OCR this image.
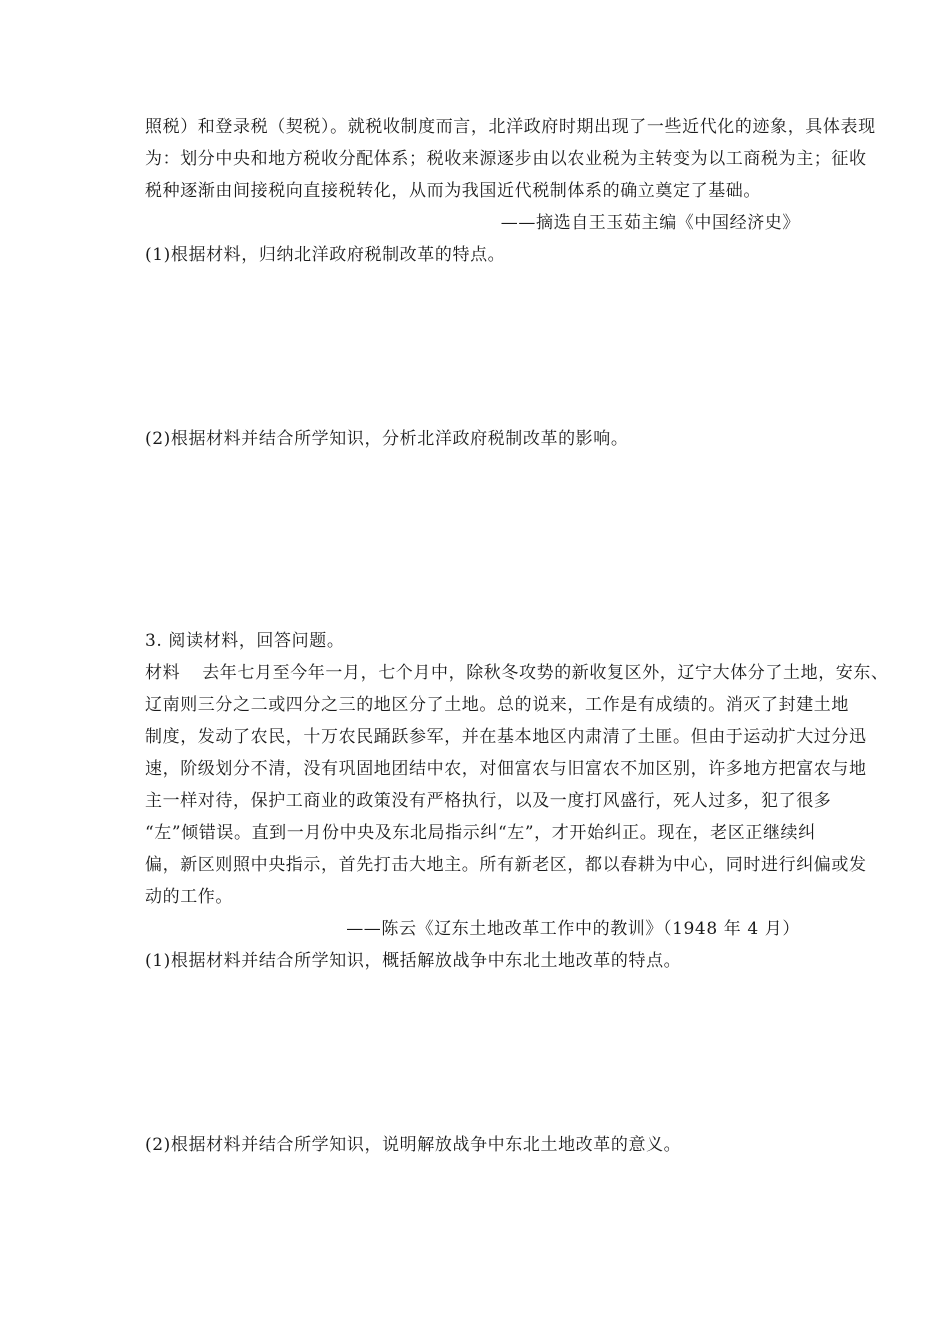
照税）和登录税（契税）。就税收制度而言，北洋政府时期出现了一些近代化的迹象，具体表现
为：划分中央和地方税收分配体系；税收来源逐步由以农业税为主转变为以工商税为主；征收
税种逐渐由间接税向直接税转化，从而为我国近代税制体系的确立奠定了基础。
——摘选自王玉茹主编《中国经济史》
(1)根据材料，归纳北洋政府税制改革的特点。
(2)根据材料并结合所学知识，分析北洋政府税制改革的影响。
3. 阅读材料，回答问题。
材料 去年七月至今年一月，七个月中，除秋冬攻势的新收复区外，辽宁大体分了土地，安东、
辽南则三分之二或四分之三的地区分了土地。总的说来，工作是有成绩的。消灭了封建土地
制度，发动了农民，十万农民踊跃参军，并在基本地区内肃清了土匪。但由于运动扩大过分迅
速，阶级划分不清，没有巩固地团结中农，对佃富农与旧富农不加区别，许多地方把富农与地
主一样对待，保护工商业的政策没有严格执行，以及一度打风盛行，死人过多，犯了很多
“左”倾错误。直到一月份中央及东北局指示纠“左”，才开始纠正。现在，老区正继续纠
偏，新区则照中央指示，首先打击大地主。所有新老区，都以春耕为中心，同时进行纠偏或发
动的工作。
——陈云《辽东土地改革工作中的教训》（1948 年 4 月）
(1)根据材料并结合所学知识，概括解放战争中东北土地改革的特点。
(2)根据材料并结合所学知识，说明解放战争中东北土地改革的意义。
